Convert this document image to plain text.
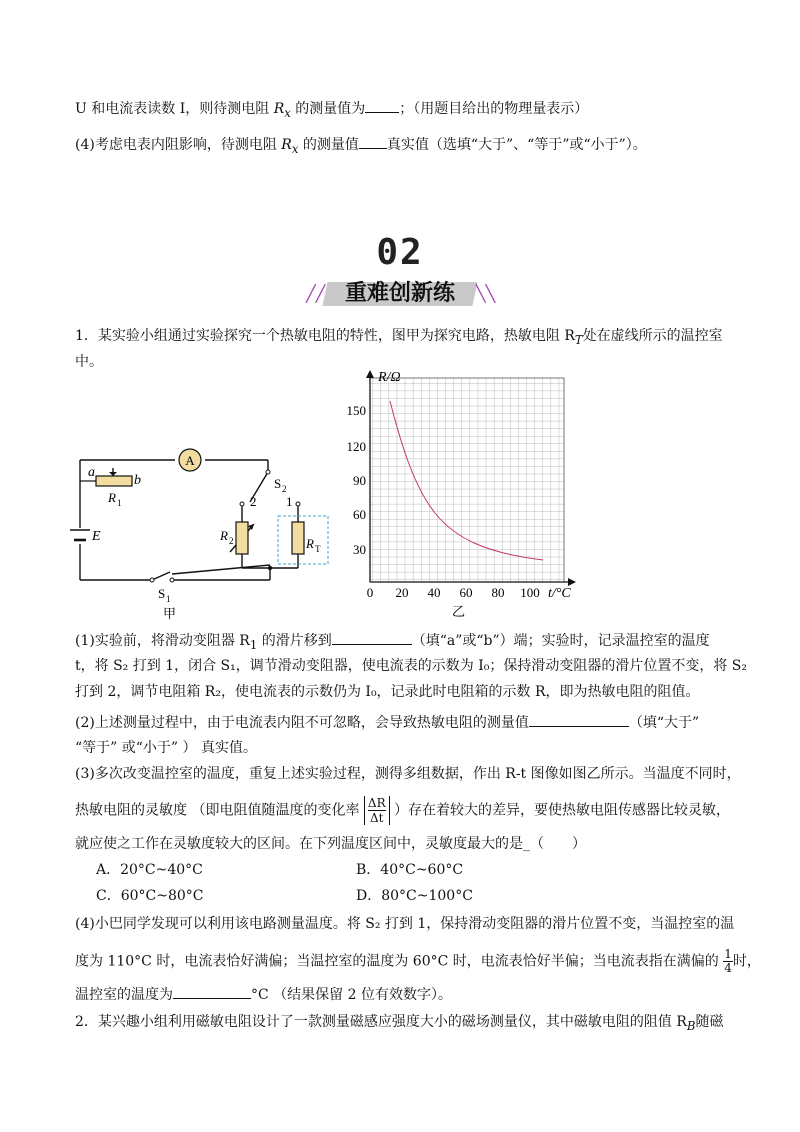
U 和电流表读数 I，则待测电阻 $R_x$ 的测量值为 ；（用题目给出的物理量表示）
(4)考虑电表内阻影响，待测电阻 $R_x$ 的测量值 真实值（选填“大于”、“等于”或“小于”）。
02
重难创新练
╱╱	╲╲
1．某实验小组通过实验探究一个热敏电阻的特性，图甲为探究电路，热敏电阻 $R_T$处在虚线所示的温控室
中。
A
a
b
R 1
E
S 2
2 1
R 2	R T
S 1
甲
R/Ω
t/°C
150
120
90
60
30
0 20 40 60 80 100
乙
(1)实验前，将滑动变阻器 $R_1$ 的滑片移到	（填“a”或“b”）端；实验时，记录温控室的温度
t，将 S₂ 打到 1，闭合 S₁，调节滑动变阻器，使电流表的示数为 I₀；保持滑动变阻器的滑片位置不变，将 S₂
打到 2，调节电阻箱 R₂，使电流表的示数仍为 I₀，记录此时电阻箱的示数 R，即为热敏电阻的阻值。
(2)上述测量过程中，由于电流表内阻不可忽略，会导致热敏电阻的测量值	（填“大于”
“等于” 或“小于” ） 真实值。
(3)多次改变温控室的温度，重复上述实验过程，测得多组数据，作出 R-t 图像如图乙所示。当温度不同时，
热敏电阻的灵敏度 （即电阻值随温度的变化率 $\frac{\Delta R}{\Delta t}$ ）存在着较大的差异，要使热敏电阻传感器比较灵敏，
就应使之工作在灵敏度较大的区间。在下列温度区间中，灵敏度最大的是_（　　）
A．20°C~40°C	B．40°C~60°C
C．60°C~80°C	D．80°C~100°C
(4)小巴同学发现可以利用该电路测量温度。将 S₂ 打到 1，保持滑动变阻器的滑片位置不变，当温控室的温
度为 110°C 时，电流表恰好满偏；当温控室的温度为 60°C 时，电流表恰好半偏；当电流表指在满偏的 $\frac{1}{4}$ 时，
温控室的温度为	°C （结果保留 2 位有效数字）。
2．某兴趣小组利用磁敏电阻设计了一款测量磁感应强度大小的磁场测量仪，其中磁敏电阻的阻值 $R_B$随磁
